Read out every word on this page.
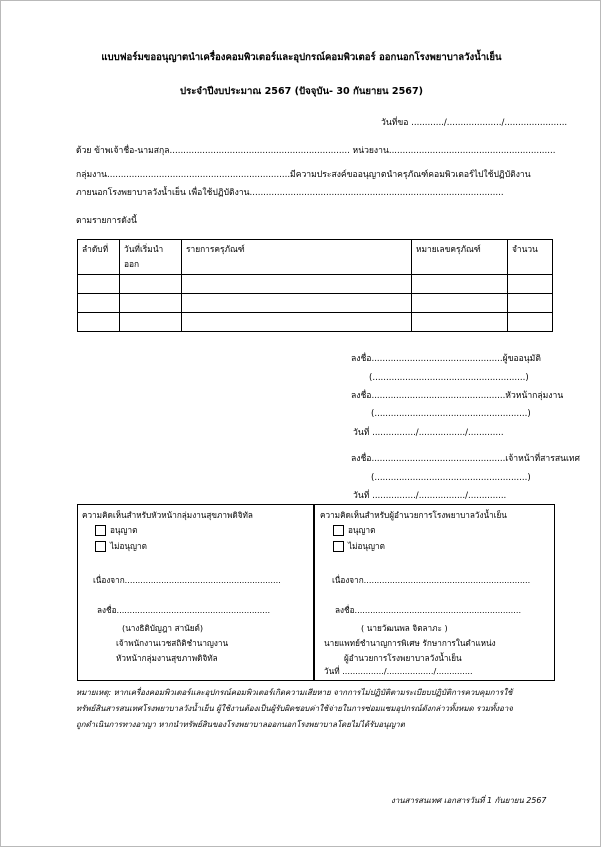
แบบฟอร์มขออนุญาตนำเครื่องคอมพิวเตอร์และอุปกรณ์คอมพิวเตอร์ ออกนอกโรงพยาบาลวังน้ำเย็น
ประจำปีงบประมาณ 2567 (ปัจจุบัน- 30 กันยายน 2567)
วันที่ขอ ............/..................../.......................
ด้วย ข้าพเจ้าชื่อ-นามสกุล.................................................................. หน่วยงาน.............................................................
กลุ่มงาน...................................................................มีความประสงค์ขออนุญาตนำครุภัณฑ์คอมพิวเตอร์ไปใช้ปฏิบัติงาน
ภายนอกโรงพยาบาลวังน้ำเย็น เพื่อใช้ปฏิบัติงาน.............................................................................................
ตามรายการดังนี้
ลำดับที่	วันที่เริ่มนำออก	รายการครุภัณฑ์	หมายเลขครุภัณฑ์	จำนวน

ลงชื่อ................................................ผู้ขออนุมัติ
(........................................................)
ลงชื่อ.................................................หัวหน้ากลุ่มงาน
(........................................................)
วันที่ ................/................./.............
ลงชื่อ.................................................เจ้าหน้าที่สารสนเทศ
(........................................................)
วันที่ ................/................./..............
ความคิดเห็นสำหรับหัวหน้ากลุ่มงานสุขภาพดิจิทัล
อนุญาต
ไม่อนุญาต
เนื่องจาก............................................................
ลงชื่อ...........................................................
(นางธิติบัญฎา สานัยต์)
เจ้าพนักงานเวชสถิติชำนาญงาน
หัวหน้ากลุ่มงานสุขภาพดิจิทัล
ความคิดเห็นสำหรับผู้อำนวยการโรงพยาบาลวังน้ำเย็น
อนุญาต
ไม่อนุญาต
เนื่องจาก................................................................
ลงชื่อ................................................................
( นายวัฒนพล จิตลาภะ )
นายแพทย์ชำนาญการพิเศษ รักษาการในตำแหน่ง
ผู้อำนวยการโรงพยาบาลวังน้ำเย็น
วันที่ ................/................../..............
หมายเหตุ: หากเครื่องคอมพิวเตอร์และอุปกรณ์คอมพิวเตอร์เกิดความเสียหาย จากการไม่ปฏิบัติตามระเบียบปฏิบัติการควบคุมการใช้
ทรัพย์สินสารสนเทศโรงพยาบาลวังน้ำเย็น ผู้ใช้งานต้องเป็นผู้รับผิดชอบค่าใช้จ่ายในการซ่อมแซมอุปกรณ์ดังกล่าวทั้งหมด รวมทั้งอาจ
ถูกดำเนินการทางอาญา หากนำทรัพย์สินของโรงพยาบาลออกนอกโรงพยาบาลโดยไม่ได้รับอนุญาต
งานสารสนเทศ เอกสารวันที่ 1 กันยายน 2567
